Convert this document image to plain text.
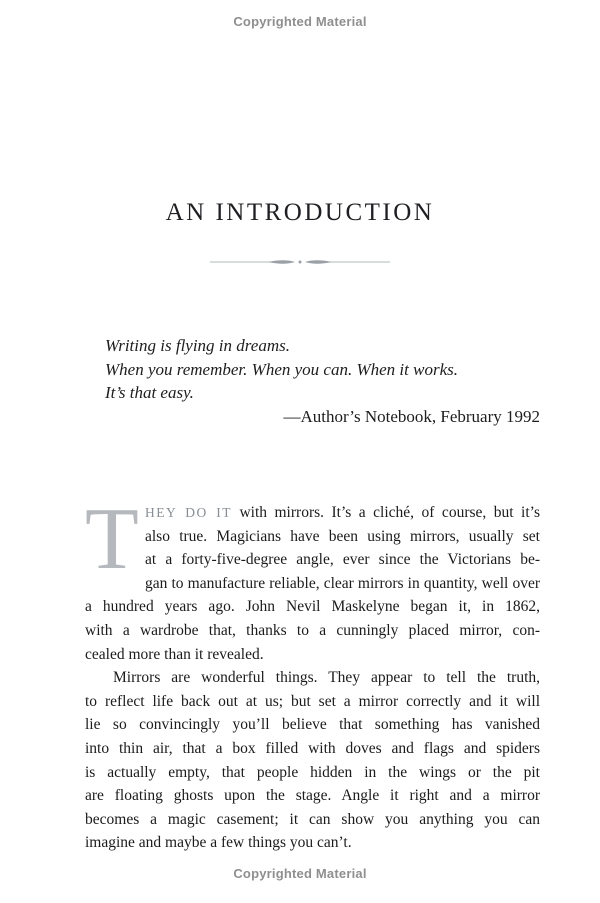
Copyrighted Material
AN INTRODUCTION
Writing is flying in dreams.
When you remember. When you can. When it works.
It’s that easy.
—Author’s Notebook, February 1992
T HEY DO IT with mirrors. It’s a cliché, of course, but it’s
also true. Magicians have been using mirrors, usually set
at a forty-five-degree angle, ever since the Victorians be-
gan to manufacture reliable, clear mirrors in quantity, well over
a hundred years ago. John Nevil Maskelyne began it, in 1862,
with a wardrobe that, thanks to a cunningly placed mirror, con-
cealed more than it revealed.
Mirrors are wonderful things. They appear to tell the truth,
to reflect life back out at us; but set a mirror correctly and it will
lie so convincingly you’ll believe that something has vanished
into thin air, that a box filled with doves and flags and spiders
is actually empty, that people hidden in the wings or the pit
are floating ghosts upon the stage. Angle it right and a mirror
becomes a magic casement; it can show you anything you can
imagine and maybe a few things you can’t.
Copyrighted Material
